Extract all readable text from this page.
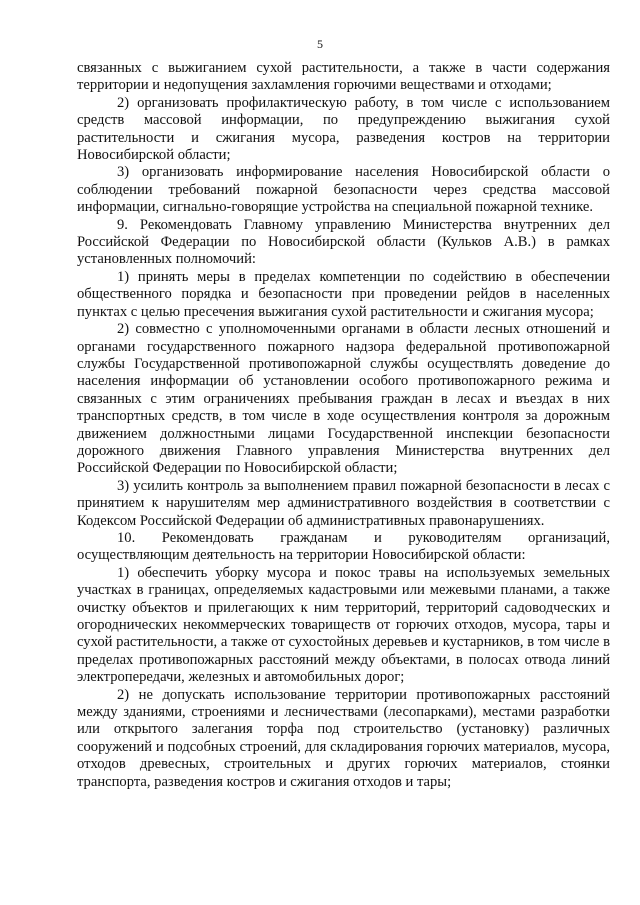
5

связанных с выжиганием сухой растительности, а также в части содержания территории и недопущения захламления горючими веществами и отходами;

2) организовать профилактическую работу, в том числе с использованием средств массовой информации, по предупреждению выжигания сухой растительности и сжигания мусора, разведения костров на территории Новосибирской области;

3) организовать информирование населения Новосибирской области о соблюдении требований пожарной безопасности через средства массовой информации, сигнально-говорящие устройства на специальной пожарной технике.

9. Рекомендовать Главному управлению Министерства внутренних дел Российской Федерации по Новосибирской области (Кульков А.В.) в рамках установленных полномочий:

1) принять меры в пределах компетенции по содействию в обеспечении общественного порядка и безопасности при проведении рейдов в населенных пунктах с целью пресечения выжигания сухой растительности и сжигания мусора;

2) совместно с уполномоченными органами в области лесных отношений и органами государственного пожарного надзора федеральной противопожарной службы Государственной противопожарной службы осуществлять доведение до населения информации об установлении особого противопожарного режима и связанных с этим ограничениях пребывания граждан в лесах и въездах в них транспортных средств, в том числе в ходе осуществления контроля за дорожным движением должностными лицами Государственной инспекции безопасности дорожного движения Главного управления Министерства внутренних дел Российской Федерации по Новосибирской области;

3) усилить контроль за выполнением правил пожарной безопасности в лесах с принятием к нарушителям мер административного воздействия в соответствии с Кодексом Российской Федерации об административных правонарушениях.

10. Рекомендовать гражданам и руководителям организаций, осуществляющим деятельность на территории Новосибирской области:

1) обеспечить уборку мусора и покос травы на используемых земельных участках в границах, определяемых кадастровыми или межевыми планами, а также очистку объектов и прилегающих к ним территорий, территорий садоводческих и огороднических некоммерческих товариществ от горючих отходов, мусора, тары и сухой растительности, а также от сухостойных деревьев и кустарников, в том числе в пределах противопожарных расстояний между объектами, в полосах отвода линий электропередачи, железных и автомобильных дорог;

2) не допускать использование территории противопожарных расстояний между зданиями, строениями и лесничествами (лесопарками), местами разработки или открытого залегания торфа под строительство (установку) различных сооружений и подсобных строений, для складирования горючих материалов, мусора, отходов древесных, строительных и других горючих материалов, стоянки транспорта, разведения костров и сжигания отходов и тары;
